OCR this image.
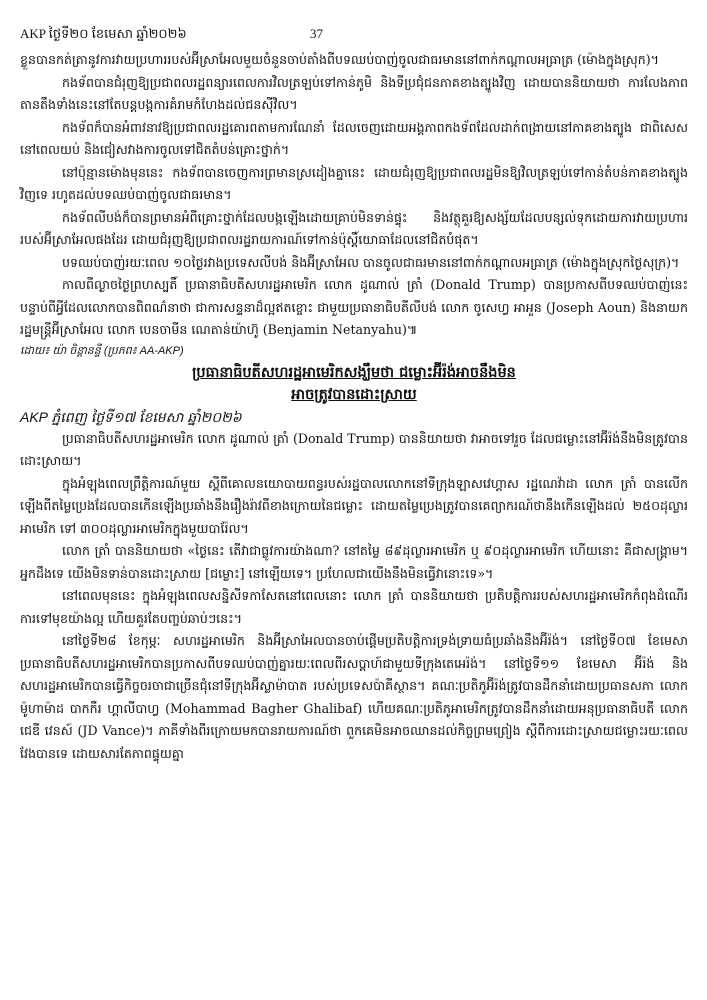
AKP ថ្ងៃទី២០ ខែមេសា ឆ្នាំ២០២៦	37

ខ្លួនបានកត់ត្រានូវការវាយប្រហាររបស់អ៊ីស្រាអែលមួយចំនួនចាប់តាំងពីបទឈប់បាញ់ចូលជាធរមាននៅពាក់កណ្តាលអធ្រាត្រ (ម៉ោងក្នុងស្រុក)។

កងទ័ពបានជំរុញឱ្យប្រជាពលរដ្ឋពន្យារពេលការវិលត្រឡប់ទៅកាន់ភូមិ និងទីប្រជុំជនភាគខាងត្បូងវិញ ដោយបាននិយាយថា ការលែងភាពតានតឹងទាំងនេះនៅតែបន្តបង្កការគំរាមកំហែងដល់ជនស៊ីវិល។

កងទ័ពក៏បានអំពាវនាវឱ្យប្រជាពលរដ្ឋគោរពតាមការណែនាំ ដែលចេញដោយអង្គភាពកងទ័ពដែលដាក់ពង្រាយនៅភាគខាងត្បូង ជាពិសេសនៅពេលយប់ និងជៀសវាងការចូលទៅជិតតំបន់គ្រោះថ្នាក់។

នៅប៉ុន្មានម៉ោងមុននេះ កងទ័ពបានចេញការព្រមានស្រដៀងគ្នានេះ ដោយជំរុញឱ្យប្រជាពលរដ្ឋមិនឱ្យវិលត្រឡប់ទៅកាន់តំបន់ភាគខាងត្បូងវិញទេ រហូតដល់បទឈប់បាញ់ចូលជាធរមាន។

កងទ័ពលីបង់ក៏បានព្រមានអំពីគ្រោះថ្នាក់ដែលបង្កឡើងដោយគ្រាប់មិនទាន់ផ្ទុះ និងវត្ថុគួរឱ្យសង្ស័យដែលបន្សល់ទុកដោយការវាយប្រហាររបស់អ៊ីស្រាអែលផងដែរ ដោយជំរុញឱ្យប្រជាពលរដ្ឋរាយការណ៍ទៅកាន់ប៉ុស្តិ៍យោធាដែលនៅជិតបំផុត។

បទឈប់បាញ់រយៈពេល ១០ថ្ងៃរវាងប្រទេសលីបង់ និងអ៊ីស្រាអែល បានចូលជាធរមាននៅពាក់កណ្តាលអធ្រាត្រ (ម៉ោងក្នុងស្រុកថ្ងៃសុក្រ)។

កាលពីល្ងាចថ្ងៃព្រហស្បតិ៍ ប្រធានាធិបតីសហរដ្ឋអាមេរិក លោក ដូណាល់ ត្រាំ (Donald Trump) បានប្រកាសពីបទឈប់បាញ់នេះបន្ទាប់ពីអ្វីដែលលោកបានពិពណ៌នាថា ជាការសន្ទនាដ៏ល្អឥតខ្ចោះ ជាមួយប្រធានាធិបតីលីបង់ លោក ចូសេហ្វ អាអួន (Joseph Aoun) និងនាយករដ្ឋមន្ត្រីអ៊ីស្រាអែល លោក បេនចាមីន ណេតាន់យ៉ាហ៊ូ (Benjamin Netanyahu)៕

ដោយ៖ យ៉ា ចិន្តានន្ទី (ប្រភព៖ AA-AKP)

ប្រធានាធិបតីសហរដ្ឋអាមេរិកសង្ឃឹមថា ជម្លោះអ៊ីរ៉ង់អាចនឹងមិន
អាចត្រូវបានដោះស្រាយ

AKP ភ្នំពេញ ថ្ងៃទី១៧ ខែមេសា ឆ្នាំ២០២៦

ប្រធានាធិបតីសហរដ្ឋអាមេរិក លោក ដូណាល់ ត្រាំ (Donald Trump) បាននិយាយថា វាអាចទៅរួច ដែលជម្លោះនៅអ៊ីរ៉ង់នឹងមិនត្រូវបានដោះស្រាយ។

ក្នុងអំឡុងពេលព្រឹត្តិការណ៍មួយ ស្តីពីគោលនយោបាយពន្ធរបស់រដ្ឋបាលលោកនៅទីក្រុងឡាសវេហ្គាស រដ្ឋណេវ៉ាដា លោក ត្រាំ បានលើកឡើងពីតម្លៃប្រេងដែលបានកើនឡើងប្រឆាំងនឹងរឿងរ៉ាវពីខាងក្រោយនៃជម្លោះ ដោយតម្លៃប្រេងត្រូវបានគេព្យាករណ៍ថានឹងកើនឡើងដល់ ២៥០ដុល្លារអាមេរិក ទៅ ៣០០ដុល្លារអាមេរិកក្នុងមួយបារ៉ែល។

លោក ត្រាំ បាននិយាយថា «ថ្ងៃនេះ តើវាជាធ្លូវការយ៉ាងណា? នៅតម្លៃ ៨៩ដុល្លារអាមេរិក ឬ ៩០ដុល្លារអាមេរិក ហើយនោះ គឺជាសង្គ្រាម។ អ្នកដឹងទេ យើងមិនទាន់បានដោះស្រាយ [ជម្លោះ] នៅឡើយទេ។ ប្រហែលជាយើងនឹងមិនធ្វើវានោះទេ»។

នៅពេលមុននេះ ក្នុងអំឡុងពេលសន្និសីទកាសែតនៅពេលនោះ លោក ត្រាំ បាននិយាយថា ប្រតិបត្តិការរបស់សហរដ្ឋអាមេរិកកំពុងដំណើរការទៅមុខយ៉ាងល្អ ហើយគួរតែបញ្ចប់ឆាប់ៗនេះ។

នៅថ្ងៃទី២៨ ខែកុម្ភៈ សហរដ្ឋអាមេរិក និងអ៊ីស្រាអែលបានចាប់ផ្តើមប្រតិបត្តិការទ្រង់ទ្រាយធំប្រឆាំងនឹងអ៊ីរ៉ង់។ នៅថ្ងៃទី០៧ ខែមេសា ប្រធានាធិបតីសហរដ្ឋអាមេរិកបានប្រកាសពីបទឈប់បាញ់គ្នារយៈពេលពីរសប្តាហ៍ជាមួយទីក្រុងតេអេរ៉ង់។ នៅថ្ងៃទី១១ ខែមេសា អ៊ីរ៉ង់ និងសហរដ្ឋអាមេរិកបានធ្វើកិច្ចចរចាជាច្រើនជុំនៅទីក្រុងអ៊ីស្លាម៉ាបាត របស់ប្រទេសប៉ាគីស្ថាន។ គណៈប្រតិភូអ៊ីរ៉ង់ត្រូវបានដឹកនាំដោយប្រធានសភា លោក ម៉ូហាម៉ាដ បាកកឺរ ហ្គាលីបាហ្វ (Mohammad Bagher Ghalibaf) ហើយគណៈប្រតិភូអាមេរិកត្រូវបានដឹកនាំដោយអនុប្រធានាធិបតី លោក ជេឌី វេនស៍ (JD Vance)។ ភាគីទាំងពីរក្រោយមកបានរាយការណ៍ថា ពួកគេមិនអាចឈានដល់កិច្ចព្រមព្រៀង ស្តីពីការដោះស្រាយជម្លោះរយៈពេលវែងបានទេ ដោយសារតែភាពផ្ទុយគ្នា
